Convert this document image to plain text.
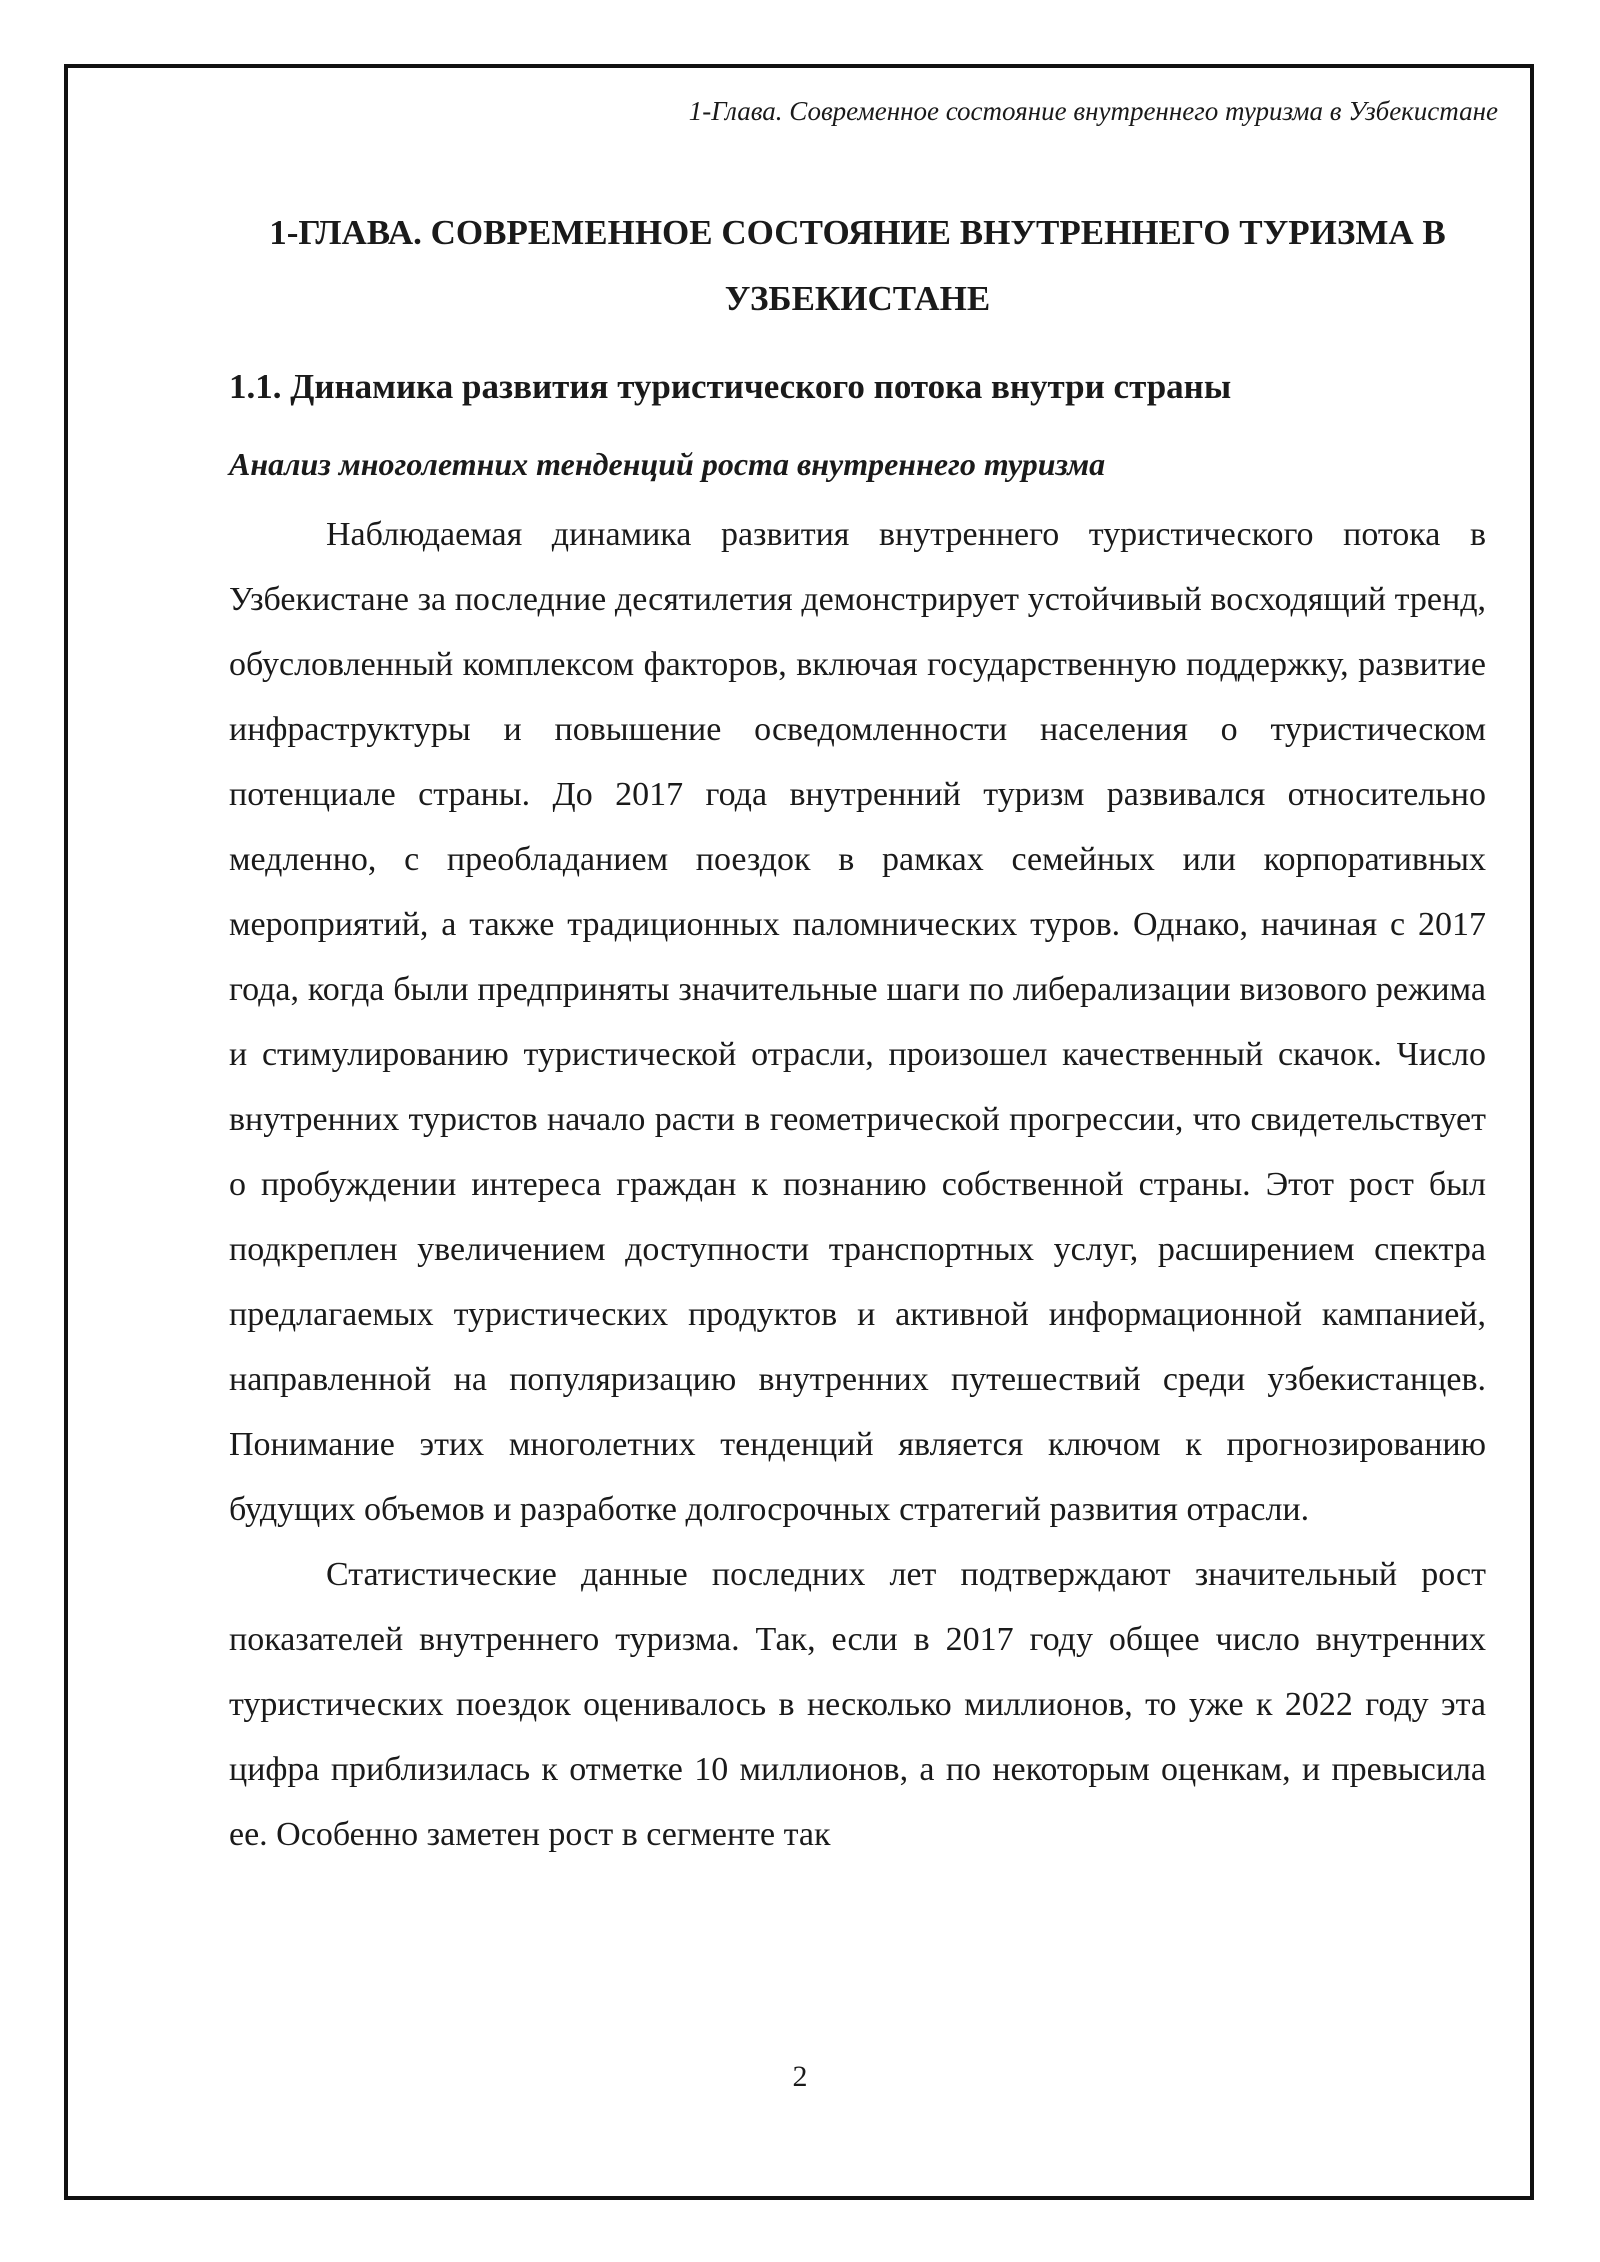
1-Глава. Современное состояние внутреннего туризма в Узбекистане
1-ГЛАВА. СОВРЕМЕННОЕ СОСТОЯНИЕ ВНУТРЕННЕГО ТУРИЗМА В УЗБЕКИСТАНЕ
1.1. Динамика развития туристического потока внутри страны
Анализ многолетних тенденций роста внутреннего туризма

Наблюдаемая динамика развития внутреннего туристического потока в Узбекистане за последние десятилетия демонстрирует устойчивый восходящий тренд, обусловленный комплексом факторов, включая государственную поддержку, развитие инфраструктуры и повышение осведомленности населения о туристическом потенциале страны. До 2017 года внутренний туризм развивался относительно медленно, с преобладанием поездок в рамках семейных или корпоративных мероприятий, а также традиционных паломнических туров. Однако, начиная с 2017 года, когда были предприняты значительные шаги по либерализации визового режима и стимулированию туристической отрасли, произошел качественный скачок. Число внутренних туристов начало расти в геометрической прогрессии, что свидетельствует о пробуждении интереса граждан к познанию собственной страны. Этот рост был подкреплен увеличением доступности транспортных услуг, расширением спектра предлагаемых туристических продуктов и активной информационной кампанией, направленной на популяризацию внутренних путешествий среди узбекистанцев. Понимание этих многолетних тенденций является ключом к прогнозированию будущих объемов и разработке долгосрочных стратегий развития отрасли.

Статистические данные последних лет подтверждают значительный рост показателей внутреннего туризма. Так, если в 2017 году общее число внутренних туристических поездок оценивалось в несколько миллионов, то уже к 2022 году эта цифра приблизилась к отметке 10 миллионов, а по некоторым оценкам, и превысила ее. Особенно заметен рост в сегменте так

2
